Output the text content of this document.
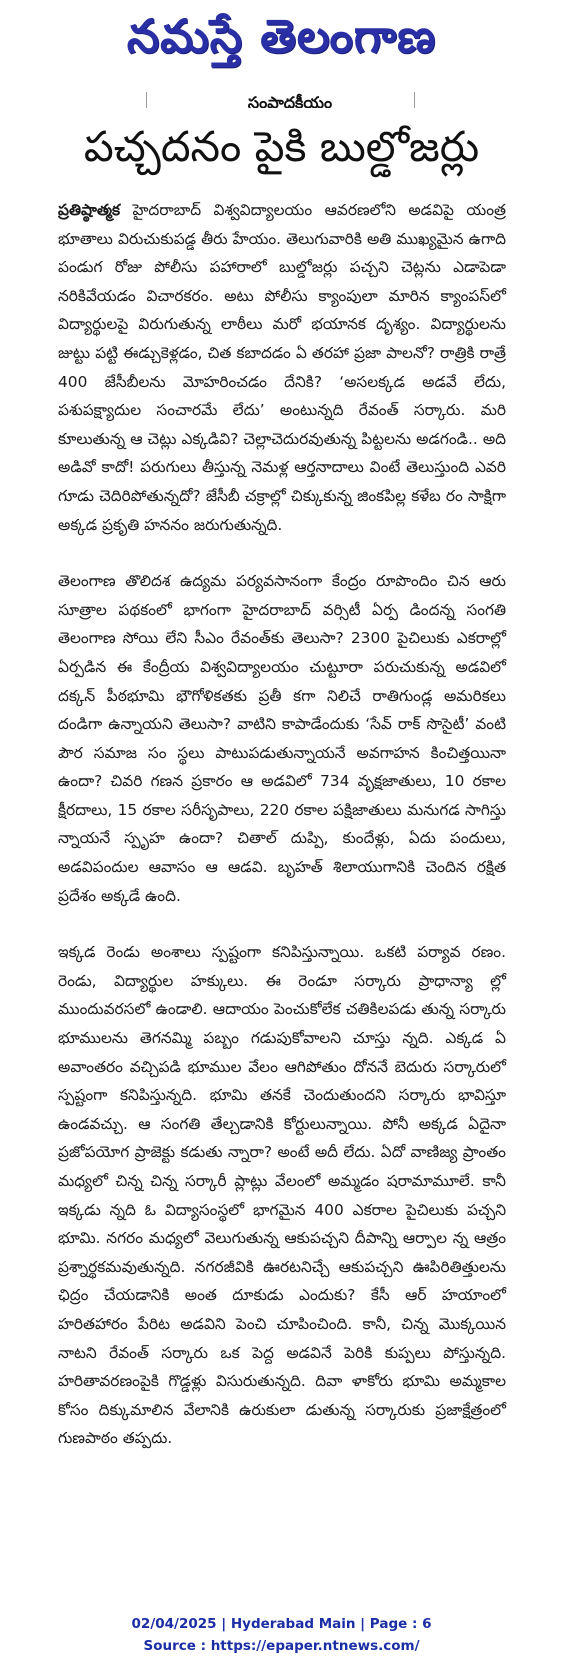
నమస్తే తెలంగాణ
సంపాదకీయం
పచ్చదనం పైకి బుల్డోజర్లు

ప్రతిష్ఠాత్మక హైదరాబాద్ విశ్వవిద్యాలయం ఆవరణలోని అడవిపై యంత్ర భూతాలు విరుచుకుపడ్డ తీరు హేయం. తెలుగువారికి అతి ముఖ్యమైన ఉగాది పండుగ రోజు పోలీసు పహారాలో బుల్డోజర్లు పచ్చని చెట్లను ఎడాపెడా నరికివేయడం విచారకరం. అటు పోలీసు క్యాంపులా మారిన క్యాంపస్‌లో విద్యార్థులపై విరుగుతున్న లాఠీలు మరో భయానక దృశ్యం. విద్యార్థులను జుట్టు పట్టి ఈడ్చుకెళ్లడం, చిత కబాదడం ఏ తరహా ప్రజా పాలనో? రాత్రికి రాత్రే 400 జేసీబీలను మోహరించడం దేనికి? ‘అసలక్కడ అడవే లేదు, పశుపక్ష్యాదుల సంచారమే లేదు’ అంటున్నది రేవంత్ సర్కారు. మరి కూలుతున్న ఆ చెట్లు ఎక్కడివి? చెల్లాచెదురవుతున్న పిట్టలను అడగండి.. అది అడివో కాదో! పరుగులు తీస్తున్న నెమళ్ల ఆర్తనాదాలు వింటే తెలుస్తుంది ఎవరి గూడు చెదిరిపోతున్నదో? జేసీబీ చక్రాల్లో చిక్కుకున్న జింకపిల్ల కళేబ రం సాక్షిగా అక్కడ ప్రకృతి హననం జరుగుతున్నది.

తెలంగాణ తొలిదశ ఉద్యమ పర్యవసానంగా కేంద్రం రూపొందిం చిన ఆరు సూత్రాల పథకంలో భాగంగా హైదరాబాద్ వర్సిటీ ఏర్ప డిందన్న సంగతి తెలంగాణ సోయి లేని సీఎం రేవంత్‌కు తెలుసా? 2300 పైచిలుకు ఎకరాల్లో ఏర్పడిన ఈ కేంద్రీయ విశ్వవిద్యాలయం చుట్టూరా పరుచుకున్న అడవిలో దక్కన్ పీఠభూమి భౌగోళికతకు ప్రతీ కగా నిలిచే రాతిగుండ్ల అమరికలు దండిగా ఉన్నాయని తెలుసా? వాటిని కాపాడేందుకు ‘సేవ్ రాక్ సొసైటీ’ వంటి పౌర సమాజ సం స్థలు పాటుపడుతున్నాయనే అవగాహన కించిత్తయినా ఉందా? చివరి గణన ప్రకారం ఆ అడవిలో 734 వృక్షజాతులు, 10 రకాల క్షీరదాలు, 15 రకాల సరీసృపాలు, 220 రకాల పక్షిజాతులు మనుగడ సాగిస్తు న్నాయనే స్పృహ ఉందా? చితాల్ దుప్పి, కుందేళ్లు, ఏదు పందులు, అడవిపందుల ఆవాసం ఆ ఆడవి. బృహత్ శిలాయుగానికి చెందిన రక్షిత ప్రదేశం అక్కడే ఉంది.

ఇక్కడ రెండు అంశాలు స్పష్టంగా కనిపిస్తున్నాయి. ఒకటి పర్యావ రణం. రెండు, విద్యార్థుల హక్కులు. ఈ రెండూ సర్కారు ప్రాధాన్యా ల్లో ముందువరసలో ఉండాలి. ఆదాయం పెంచుకోలేక చతికిలపడు తున్న సర్కారు భూములను తెగనమ్మి పబ్బం గడుపుకోవాలని చూస్తు న్నది. ఎక్కడ ఏ అవాంతరం వచ్చిపడి భూముల వేలం ఆగిపోతుం దోననే బెదురు సర్కారులో స్పష్టంగా కనిపిస్తున్నది. భూమి తనకే చెందుతుందని సర్కారు భావిస్తూ ఉండవచ్చు. ఆ సంగతి తేల్చడానికి కోర్టులున్నాయి. పోనీ అక్కడ ఏదైనా ప్రజోపయోగ ప్రాజెక్టు కడుతు న్నారా? అంటే అదీ లేదు. ఏదో వాణిజ్య ప్రాంతం మధ్యలో చిన్న చిన్న సర్కారీ ప్లాట్లు వేలంలో అమ్మడం షరామామూలే. కానీ ఇక్కడు న్నది ఓ విద్యాసంస్థలో భాగమైన 400 ఎకరాల పైచిలుకు పచ్చని భూమి. నగరం మధ్యలో వెలుగుతున్న ఆకుపచ్చని దీపాన్ని ఆర్పాల న్న ఆత్రం ప్రశ్నార్థకమవుతున్నది. నగరజీవికి ఊరటనిచ్చే ఆకుపచ్చని ఊపిరితిత్తులను ఛిద్రం చేయడానికి అంత దూకుడు ఎందుకు? కేసీ ఆర్ హయాంలో హరితహారం పేరిట అడవిని పెంచి చూపించింది. కానీ, చిన్న మొక్కయిన నాటని రేవంత్ సర్కారు ఒక పెద్ద అడవినే పెరికి కుప్పలు పోస్తున్నది. హరితావరణంపైకి గొడ్డళ్లు విసురుతున్నది. దివా ళాకోరు భూమి అమ్మకాల కోసం దిక్కుమాలిన వేలానికి ఉరుకులా డుతున్న సర్కారుకు ప్రజాక్షేత్రంలో గుణపాఠం తప్పదు.

02/04/2025 | Hyderabad Main | Page : 6
Source : https://epaper.ntnews.com/
